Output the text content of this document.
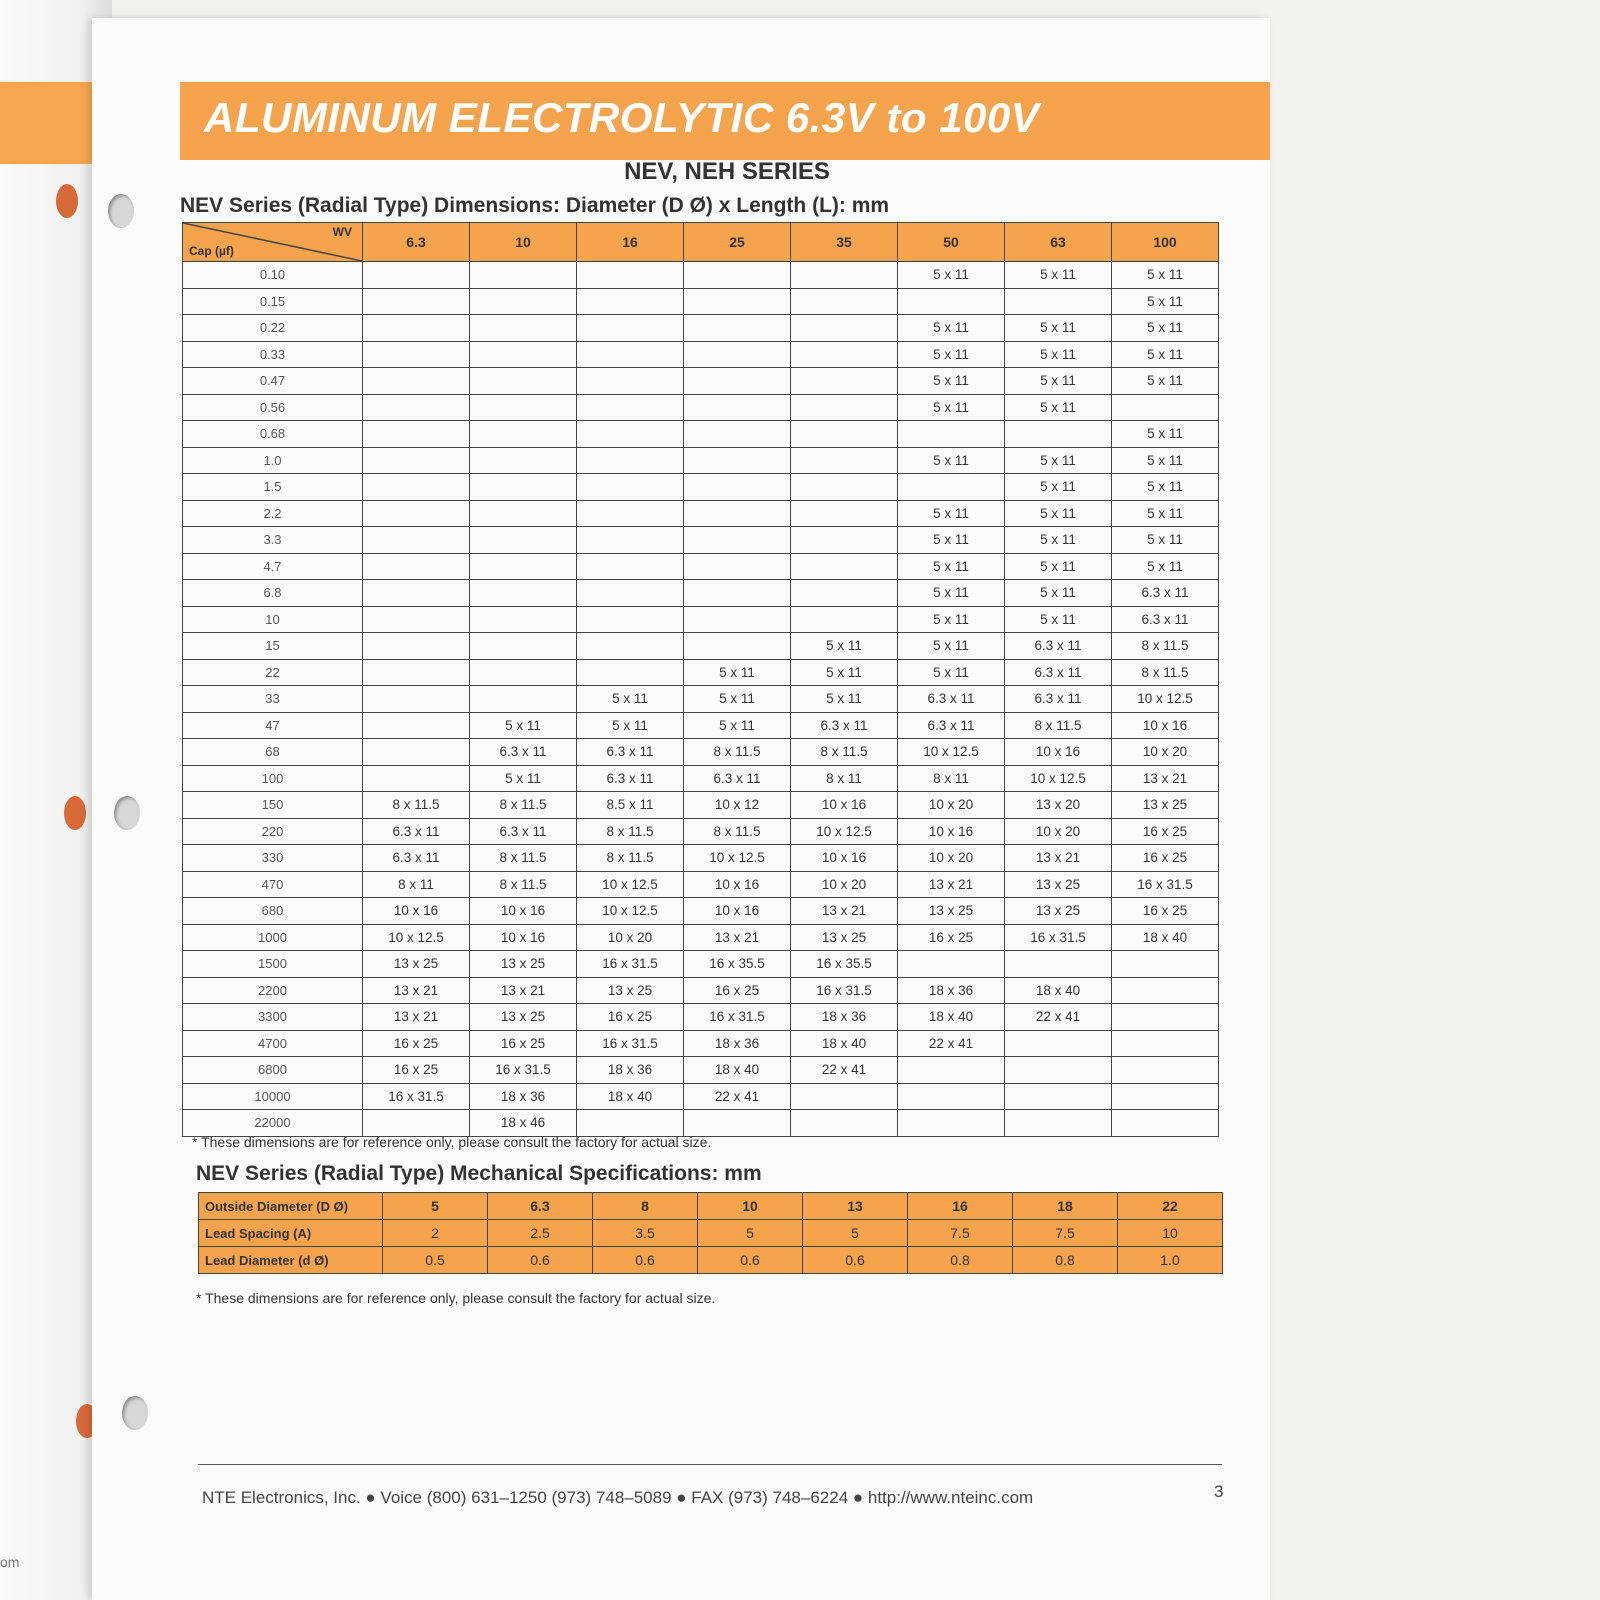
om
ALUMINUM ELECTROLYTIC 6.3V to 100V
NEV, NEH SERIES
NEV Series (Radial Type) Dimensions: Diameter (D Ø) x Length (L): mm
WV
Cap (µf)	6.3	10	16	25	35	50	63	100
0.10						5 x 11	5 x 11	5 x 11
0.15								5 x 11
0.22						5 x 11	5 x 11	5 x 11
0.33						5 x 11	5 x 11	5 x 11
0.47						5 x 11	5 x 11	5 x 11
0.56						5 x 11	5 x 11	
0.68								5 x 11
1.0						5 x 11	5 x 11	5 x 11
1.5							5 x 11	5 x 11
2.2						5 x 11	5 x 11	5 x 11
3.3						5 x 11	5 x 11	5 x 11
4.7						5 x 11	5 x 11	5 x 11
6.8						5 x 11	5 x 11	6.3 x 11
10						5 x 11	5 x 11	6.3 x 11
15					5 x 11	5 x 11	6.3 x 11	8 x 11.5
22				5 x 11	5 x 11	5 x 11	6.3 x 11	8 x 11.5
33			5 x 11	5 x 11	5 x 11	6.3 x 11	6.3 x 11	10 x 12.5
47		5 x 11	5 x 11	5 x 11	6.3 x 11	6.3 x 11	8 x 11.5	10 x 16
68		6.3 x 11	6.3 x 11	8 x 11.5	8 x 11.5	10 x 12.5	10 x 16	10 x 20
100		5 x 11	6.3 x 11	6.3 x 11	8 x 11	8 x 11	10 x 12.5	13 x 21
150	8 x 11.5	8 x 11.5	8.5 x 11	10 x 12	10 x 16	10 x 20	13 x 20	13 x 25
220	6.3 x 11	6.3 x 11	8 x 11.5	8 x 11.5	10 x 12.5	10 x 16	10 x 20	16 x 25
330	6.3 x 11	8 x 11.5	8 x 11.5	10 x 12.5	10 x 16	10 x 20	13 x 21	16 x 25
470	8 x 11	8 x 11.5	10 x 12.5	10 x 16	10 x 20	13 x 21	13 x 25	16 x 31.5
680	10 x 16	10 x 16	10 x 12.5	10 x 16	13 x 21	13 x 25	13 x 25	16 x 25
1000	10 x 12.5	10 x 16	10 x 20	13 x 21	13 x 25	16 x 25	16 x 31.5	18 x 40
1500	13 x 25	13 x 25	16 x 31.5	16 x 35.5	16 x 35.5			
2200	13 x 21	13 x 21	13 x 25	16 x 25	16 x 31.5	18 x 36	18 x 40	
3300	13 x 21	13 x 25	16 x 25	16 x 31.5	18 x 36	18 x 40	22 x 41	
4700	16 x 25	16 x 25	16 x 31.5	18 x 36	18 x 40	22 x 41		
6800	16 x 25	16 x 31.5	18 x 36	18 x 40	22 x 41			
10000	16 x 31.5	18 x 36	18 x 40	22 x 41				
22000		18 x 46						
* These dimensions are for reference only, please consult the factory for actual size.
NEV Series (Radial Type) Mechanical Specifications: mm
Outside Diameter (D Ø)	5	6.3	8	10	13	16	18	22
Lead Spacing (A)	2	2.5	3.5	5	5	7.5	7.5	10
Lead Diameter (d Ø)	0.5	0.6	0.6	0.6	0.6	0.8	0.8	1.0
* These dimensions are for reference only, please consult the factory for actual size.
NTE Electronics, Inc. ● Voice (800) 631–1250 (973) 748–5089 ● FAX (973) 748–6224 ● http://www.nteinc.com	3
